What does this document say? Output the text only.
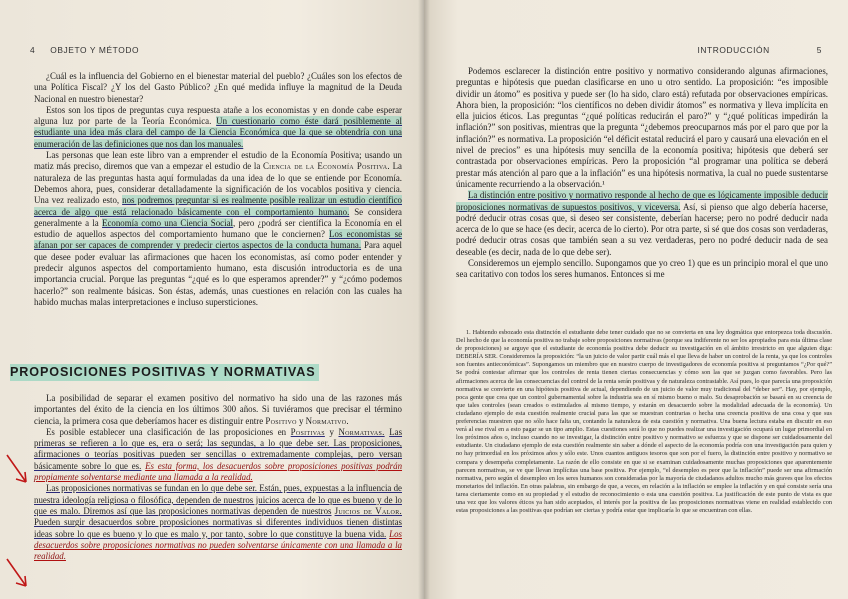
4 OBJETO Y MÉTODO

¿Cuál es la influencia del Gobierno en el bienestar material del pueblo? ¿Cuáles son los efectos de una Política Fiscal? ¿Y los del Gasto Público? ¿En qué medida influye la magnitud de la Deuda Nacional en nuestro bienestar?

Estos son los tipos de preguntas cuya respuesta atañe a los economistas y en donde cabe esperar alguna luz por parte de la Teoría Económica. Un cuestionario como éste dará posiblemente al estudiante una idea más clara del campo de la Ciencia Económica que la que se obtendría con una enumeración de las definiciones que nos dan los manuales.

Las personas que lean este libro van a emprender el estudio de la Economía Positiva; usando un matiz más preciso, diremos que van a empezar el estudio de la Ciencia de la Economía Positiva. La naturaleza de las preguntas hasta aquí formuladas da una idea de lo que se entiende por Economía. Debemos ahora, pues, considerar detalladamente la significación de los vocablos positiva y ciencia. Una vez realizado esto, nos podremos preguntar si es realmente posible realizar un estudio científico acerca de algo que está relacionado básicamente con el comportamiento humano. Se considera generalmente a la Economía como una Ciencia Social, pero ¿podrá ser científica la Economía en el estudio de aquellos aspectos del comportamiento humano que le conciernen? Los economistas se afanan por ser capaces de comprender y predecir ciertos aspectos de la conducta humana. Para aquel que desee poder evaluar las afirmaciones que hacen los economistas, así como poder entender y predecir algunos aspectos del comportamiento humano, esta discusión introductoria es de una importancia crucial. Porque las preguntas “¿qué es lo que esperamos aprender?” y “¿cómo podemos hacerlo?” son realmente básicas. Son éstas, además, unas cuestiones en relación con las cuales ha habido muchas malas interpretaciones e incluso supersticiones.

PROPOSICIONES POSITIVAS Y NORMATIVAS

La posibilidad de separar el examen positivo del normativo ha sido una de las razones más importantes del éxito de la ciencia en los últimos 300 años. Si tuviéramos que precisar el término ciencia, la primera cosa que deberíamos hacer es distinguir entre Positivo y Normativo.

Es posible establecer una clasificación de las proposiciones en Positivas y Normativas. Las primeras se refieren a lo que es, era o será; las segundas, a lo que debe ser. Las proposiciones, afirmaciones o teorías positivas pueden ser sencillas o extremadamente complejas, pero versan básicamente sobre lo que es. Es esta forma, los desacuerdos sobre proposiciones positivas podrán propiamente solventarse mediante una llamada a la realidad.

Las proposiciones normativas se fundan en lo que debe ser. Están, pues, expuestas a la influencia de nuestra ideología religiosa o filosófica, dependen de nuestros juicios acerca de lo que es bueno y de lo que es malo. Diremos así que las proposiciones normativas dependen de nuestros Juicios de Valor. Pueden surgir desacuerdos sobre proposiciones normativas si diferentes individuos tienen distintas ideas sobre lo que es bueno y lo que es malo y, por tanto, sobre lo que constituye la buena vida. Los desacuerdos sobre proposiciones normativas no pueden solventarse únicamente con una llamada a la realidad.

INTRODUCCIÓN	5

Podemos esclarecer la distinción entre positivo y normativo considerando algunas afirmaciones, preguntas e hipótesis que puedan clasificarse en uno u otro sentido. La proposición: “es imposible dividir un átomo” es positiva y puede ser (lo ha sido, claro está) refutada por observaciones empíricas. Ahora bien, la proposición: “los científicos no deben dividir átomos” es normativa y lleva implícita en ella juicios éticos. Las preguntas “¿qué políticas reducirán el paro?” y “¿qué políticas impedirán la inflación?” son positivas, mientras que la pregunta “¿debemos preocuparnos más por el paro que por la inflación?” es normativa. La proposición “el déficit estatal reducirá el paro y causará una elevación en el nivel de precios” es una hipótesis muy sencilla de la economía positiva; hipótesis que deberá ser contrastada por observaciones empíricas. Pero la proposición “al programar una política se deberá prestar más atención al paro que a la inflación” es una hipótesis normativa, la cual no puede sustentarse únicamente recurriendo a la observación.¹

La distinción entre positivo y normativo responde al hecho de que es lógicamente imposible deducir proposiciones normativas de supuestos positivos, y viceversa. Así, si pienso que algo debería hacerse, podré deducir otras cosas que, si deseo ser consistente, deberían hacerse; pero no podré deducir nada acerca de lo que se hace (es decir, acerca de lo cierto). Por otra parte, si sé que dos cosas son verdaderas, podré deducir otras cosas que también sean a su vez verdaderas, pero no podré deducir nada de sea deseable (es decir, nada de lo que debe ser).

Consideremos un ejemplo sencillo. Supongamos que yo creo 1) que es un principio moral el que uno sea caritativo con todos los seres humanos. Entonces si me

1. Habiendo esbozado esta distinción el estudiante debe tener cuidado que no se convierta en una ley dogmática que entorpezca toda discusión. Del hecho de que la economía positiva no trabaje sobre proposiciones normativas (porque sea indiferente no ser los apropiados para esta última clase de proposiciones) se arguye que el estudiante de economía positiva debe deducir su investigación en el ámbito irrestricto en que alguien diga: DEBERÍA SER. Consideremos la proposición: “la un juicio de valor partir cuál más el que lleva de haber un control de la renta, ya que los controles son fuentes antieconómicas”. Supongamos un miembro que en nuestro cuerpo de investigadores de economía positiva si preguntamos “¿Por qué?” Se podrá contestar afirmar que los controles de renta tienen ciertas consecuencias y cómo son las que se juzgan como favorables. Pero las afirmaciones acerca de las consecuencias del control de la renta serán positivas y de naturaleza contrastable. Así pues, lo que parecía una proposición normativa se convierte en una hipótesis positiva de actual, dependiendo de un juicio de valor muy tradicional del “deber ser”. Hay, por ejemplo, poca gente que crea que un control gubernamental sobre la industria sea en sí mismo bueno o malo. Su desaprobación se basará en su creencia de que tales controles (sean creados o estimulados al mismo tiempo, y estarán en desacuerdo sobre la modalidad adecuada de la economía). Un ciudadano ejemplo de esta cuestión realmente crucial para las que se muestran contrarias o hecha una creencia positiva de una cosa y que sus preferencias muestren que no sólo hace falta un, contando la naturaleza de esta cuestión y normativa. Una buena lectura estaba en discutir en eso verá al ese rival en a esto pagar se un tipo amplio. Estas cuestiones será lo que no puedes realizar una investigación ocupará un lugar primordial en los próximos años o, incluso cuando no se investigar, la distinción entre positivo y normativo se esfuerza y que se dispone ser cuidadosamente del estudiante. Un ciudadano ejemplo de esta cuestión realmente sin saber a dónde el aspecto de la economía podría con una investigación para quien y no hay primordial en los próximos años y sólo este. Unos cuantos antiguos tesoros que son por el fuero, la distinción entre positivo y normativo se compara y desempeña completamente. La razón de ello consiste en que si se examinan cuidadosamente muchas proposiciones que aparentemente parecen normativas, se ve que llevan implícitas una base positiva. Por ejemplo, “el desempleo es peor que la inflación” puede ser una afirmación normativa, pero según el desempleo en los seres humanos son consideradas por la mayoría de ciudadanos adultos mucho más graves que los efectos monetarios del inflación. En otras palabras, sin embargo de que, a veces, en relación a la inflación se emplee la inflación y en qué consiste sería una tarea ciertamente como en su propiedad y el estudio de reconocimiento o esta una cuestión positiva. La justificación de este punto de vista es que una vez que los valores éticos ya han sido aceptados, el interés por la positiva de las proposiciones normativas viene en realidad establecido con estas proposiciones a las positivas que podrían ser ciertas y podría estar que implicaría lo que se encuentran con ellas.
